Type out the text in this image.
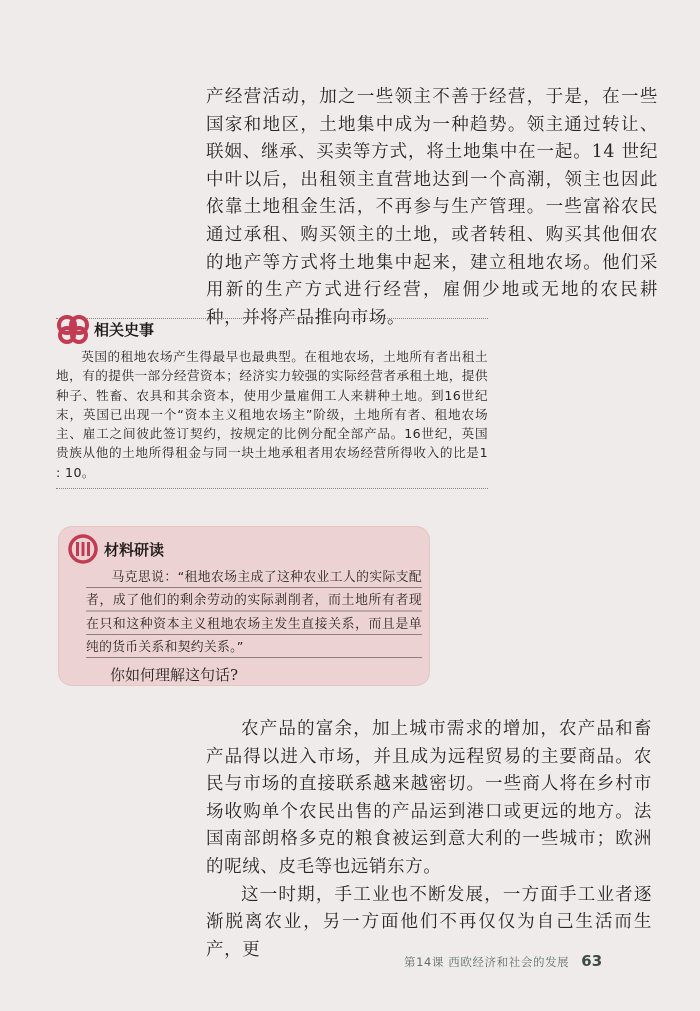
产经营活动，加之一些领主不善于经营，于是，在一些国家和地区，土地集中成为一种趋势。领主通过转让、联姻、继承、买卖等方式，将土地集中在一起。14 世纪中叶以后，出租领主直营地达到一个高潮，领主也因此依靠土地租金生活，不再参与生产管理。一些富裕农民通过承租、购买领主的土地，或者转租、购买其他佃农的地产等方式将土地集中起来，建立租地农场。他们采用新的生产方式进行经营，雇佣少地或无地的农民耕种，并将产品推向市场。

相关史事
英国的租地农场产生得最早也最典型。在租地农场，土地所有者出租土地，有的提供一部分经营资本；经济实力较强的实际经营者承租土地，提供种子、牲畜、农具和其余资本，使用少量雇佣工人来耕种土地。到16世纪末，英国已出现一个“资本主义租地农场主”阶级，土地所有者、租地农场主、雇工之间彼此签订契约，按规定的比例分配全部产品。16世纪，英国贵族从他的土地所得租金与同一块土地承租者用农场经营所得收入的比是1 : 10。
材料研读
马克思说：“租地农场主成了这种农业工人的实际支配者，成了他们的剩余劳动的实际剥削者，而土地所有者现在只和这种资本主义租地农场主发生直接关系，而且是单纯的货币关系和契约关系。”
你如何理解这句话?
农产品的富余，加上城市需求的增加，农产品和畜产品得以进入市场，并且成为远程贸易的主要商品。农民与市场的直接联系越来越密切。一些商人将在乡村市场收购单个农民出售的产品运到港口或更远的地方。法国南部朗格多克的粮食被运到意大利的一些城市；欧洲的呢绒、皮毛等也远销东方。
这一时期，手工业也不断发展，一方面手工业者逐渐脱离农业，另一方面他们不再仅仅为自己生活而生产，更
第14课 西欧经济和社会的发展 63
